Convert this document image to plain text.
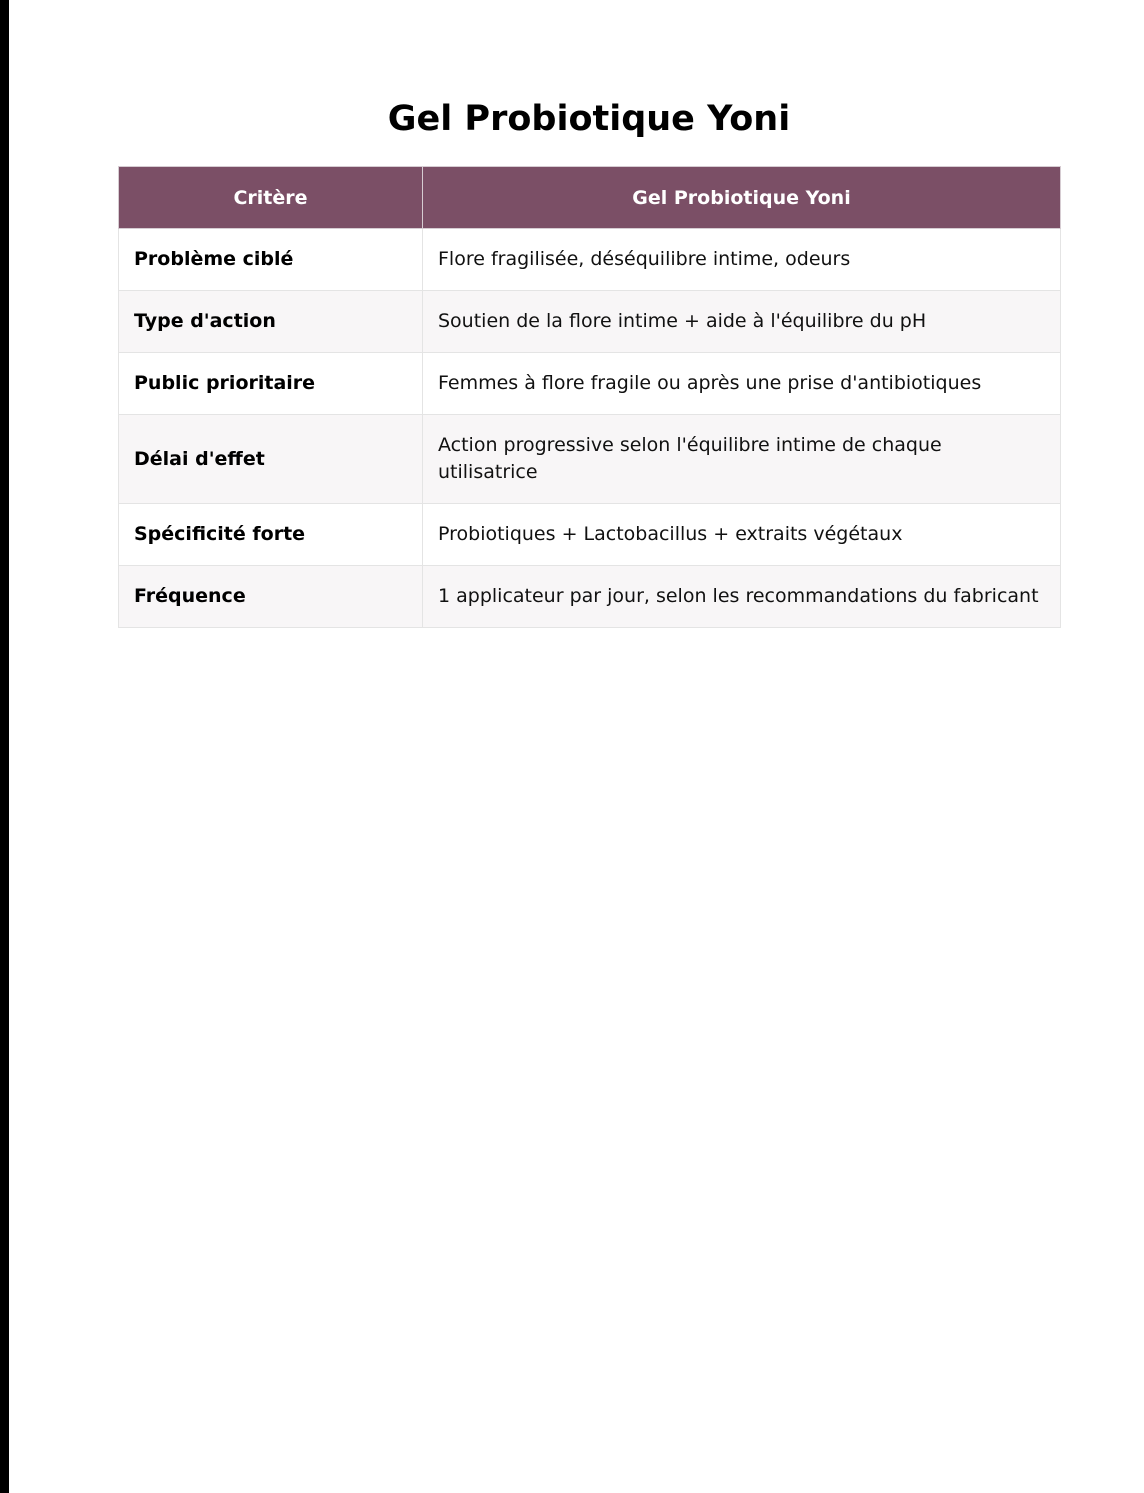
Gel Probiotique Yoni
Critère	Gel Probiotique Yoni
Problème ciblé	Flore fragilisée, déséquilibre intime, odeurs
Type d'action	Soutien de la flore intime + aide à l'équilibre du pH
Public prioritaire	Femmes à flore fragile ou après une prise d'antibiotiques
Délai d'effet	Action progressive selon l'équilibre intime de chaque utilisatrice
Spécificité forte	Probiotiques + Lactobacillus + extraits végétaux
Fréquence	1 applicateur par jour, selon les recommandations du fabricant
